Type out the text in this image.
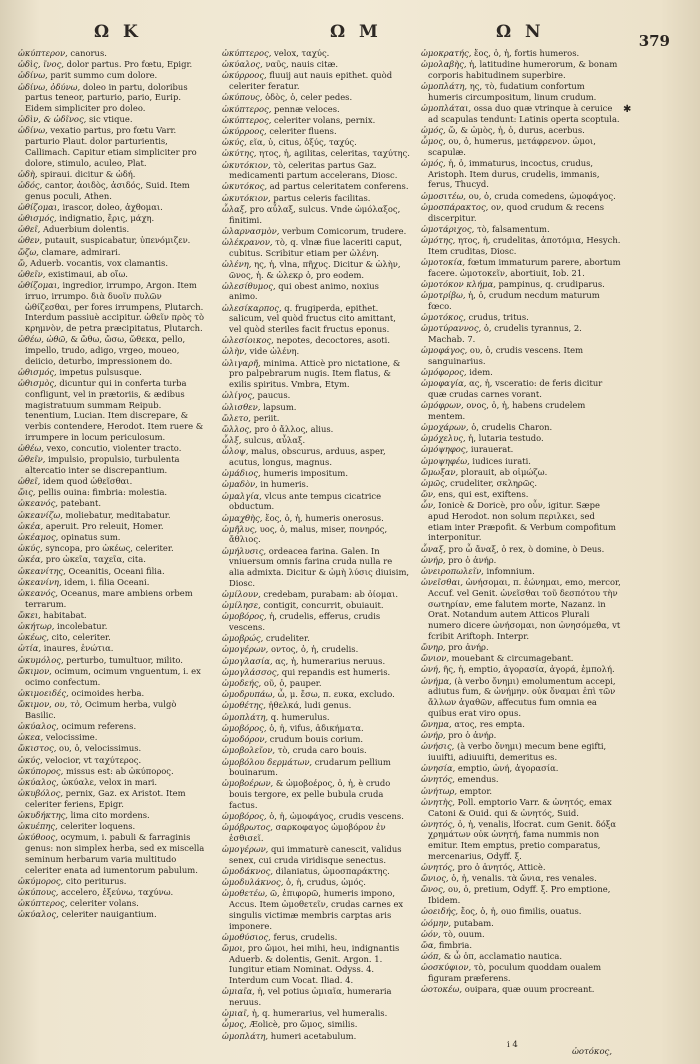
Ω Κ	Ω Μ	Ω Ν	379
✱
ὠκύπτερον, canorus.
ὠδὶς, ῖνος, dolor partus. Pro fœtu, Epigr.
ὠδίνω, parit summo cum dolore.
ὠδίνω, ὀδύνω, doleo in partu, doloribus partus teneor, parturio, pario, Eurip. Eidem simpliciter pro doleo.
ὠδὶν, & ὠδῖνος, sic vtique.
ὠδίνω, vexatio partus, pro fœtu Varr. parturio Plaut. dolor parturientis, Callimach. Capitur etiam simpliciter pro dolore, stimulo, aculeo, Plat.
ὠδὴ, spiraui. dicitur & ὠδή.
ὠδός, cantor, ἀοιδὸς, ἀσιδός, Suid. Item genus poculi, Athen.
ὠθίζομαι, irascor, doleo, ἀχθομαι.
ὠθισμός, indignatio, ἔρις, μάχη.
ὠθεῖ, Aduerbium dolentis.
ὠθεν, putauit, suspicabatur, ὑπενόμιζεν.
ὤζω, clamare, admirari.
ὤ, Aduerb. vocantis, vox clamantis.
ὠθεῖν, existimaui, ab οἴω.
ὠθίζομαι, ingredior, irrumpo, Argon. Item irruo, irrumpo. διὰ δυοῖν πυλῶν ὠθίζεσθαι, per fores irrumpens, Plutarch. Interdum passiuè accipitur. ὠθεῖν πρὸς τὸ κρημνὸν, de petra præcipitatus, Plutarch.
ὠθέω, ὠθῶ, & ὤθω, ὤσω, ὤθεκα, pello, impello, trudo, adigo, vrgeo, moueo, deiicio, deturbo, impressionem do.
ὠθισμός, impetus pulsusque.
ὠθισμὸς, dicuntur qui in conferta turba confligunt, vel in prætoriis, & ædibus magistratuum summam Reipub. tenentium, Lucian. Item discrepare, & verbis contendere, Herodot. Item ruere & irrumpere in locum periculosum.
ὠθέω, vexo, concutio, violenter tracto.
ὠθεῖν, impulsio, propulsio, turbulenta altercatio inter se discrepantium.
ὠθεῖ, idem quod ὠθεῖσθαι.
ὤις, pellis ouina: fimbria: molestia.
ὠκεανός, patebant.
ὠκεανίζω, moliebatur, meditabatur.
ὠκέα, aperuit. Pro releuit, Homer.
ὠκέαμος, opinatus sum.
ὠκύς, syncopa, pro ὠκέως, celeriter.
ὠκέα, pro ὠκεῖα, ταχεῖα, cita.
ὠκεανίτης, Oceanitis, Oceani filia.
ὠκεανίνη, idem, i. filia Oceani.
ὠκεανός, Oceanus, mare ambiens orbem terrarum.
ὤκει, habitabat.
ὠκήτωρ, incolebatur.
ὠκέως, cito, celeriter.
ὠτία, inaures, ἐνώτια.
ὠκυμόλος, perturbo, tumultuor, milito.
ὤκιμον, ocimum, ocimum vnguentum, i. ex ocimo confectum.
ὠκιμοειδές, ocimoides herba.
ὤκιμον, ου, τὸ, Ocimum herba, vulgò Basilic.
ὠκύαλος, ocimum referens.
ὠκεα, velocissime.
ὤκιστος, ου, ὁ, velocissimus.
ὠκύς, velocior, vt ταχύτερος.
ὠκύπορος, missus est: ab ὠκύπορος.
ὠκύαλος, ὠκύαλε, velox in mari.
ὠκυβόλος, pernix, Gaz. ex Aristot. Item celeriter feriens, Epigr.
ὠκυδήκτης, lima cito mordens.
ὠκυέπης, celeriter loquens.
ὠκύθοος, ocymum, i. pabuli & farraginis genus: non simplex herba, sed ex miscella seminum herbarum varia multitudo celeriter enata ad iumentorum pabulum.
ὠκύμορος, cito periturus.
ὠκύπους, accelero, ἐξεύνω, ταχύνω.
ὠκύπτερος, celeriter volans.
ὠκύαλος, celeriter nauigantium.
ὠκύπτερος, velox, ταχύς.
ὠκύαλος, ναῦς, nauis citæ.
ὠκύρροος, fluuij aut nauis epithet. quòd celeriter feratur.
ὠκύπους, ὀδὸς, ὁ, celer pedes.
ὠκύπτερος, pennæ veloces.
ὠκύπτερος, celeriter volans, pernix.
ὠκύρροος, celeriter fluens.
ὠκύς, εῖα, ὑ, citus, ὀξύς, ταχύς.
ὠκύτης, ητος, ἡ, agilitas, celeritas, ταχύτης.
ὠκυτόκιον, τὸ, celeritas partus Gaz. medicamenti partum accelerans, Diosc.
ὠκυτόκος, ad partus celeritatem conferens.
ὠκυτόκιον, partus celeris facilitas.
ὦλαξ, pro αὖλαξ, sulcus. Vnde ὠμόλαξος, finitimi.
ὠλαρνασμὸν, verbum Comicorum, trudere.
ὠλέκρανον, τὸ, q. vlnæ fiue laceriti caput, cubitus. Scribitur etiam per ὠλένη.
ὠλένη, ης, ἡ, vlna, πῆχυς. Dicitur & ὠλὴν, ῶνος, ἡ. & ὠλεκρ ὁ, pro eodem.
ὠλεσίθυμος, qui obest animo, noxius animo.
ὠλεσίκαρπος, q. frugiperda, epithet. salicum, vel quòd fructus cito amittant, vel quòd steriles facit fructus eponus.
ὠλεσίοικος, nepotes, decoctores, asoti.
ὠλὴν, vide ὠλένη.
ὠλιγαρῆ, minima. Atticè pro nictatione, & pro palpebrarum nugis. Item flatus, & exilis spiritus. Vmbra, Etym.
ὠλίγος, paucus.
ὠλισθεν, lapsum.
ὤλετο, periit.
ὤλλος, pro ὁ ἄλλος, alius.
ὦλξ, sulcus, αὖλαξ.
ὦλοψ, malus, obscurus, arduus, asper, acutus, longus, magnus.
ὠμάδιος, humeris impositum.
ὠμαδὸν, in humeris.
ὠμαλγία, vlcus ante tempus cicatrice obductum.
ὠμαχθὴς, ἔος, ὁ, ἡ, humeris onerosus.
ὠμῆλυς, υος, ὁ, malus, miser, πονηρός, ἄθλιος.
ὠμήλυσις, ordeacea farina. Galen. In vniuersum omnis farina cruda nulla re alia admixta. Dicitur & ὠμὴ λύσις diuisim, Diosc.
ὠμίλουν, credebam, purabam: ab ὀίομαι.
ὠμίλησε, contigit, concurrit, obuiauit.
ὠμοβόρος, ἡ, crudelis, efferus, crudis vescens.
ὠμοβρώς, crudeliter.
ὠμογέρων, οντος, ὁ, ἡ, crudelis.
ὠμογλασία, ας, ἡ, humerarius neruus.
ὠμογλάσσος, qui repandis est humeris.
ὠμοδεής, οῦ, ὁ, pauper.
ὠμοδρυπάω, ὦ, μ. ἔσω, π. ευκα, excludo.
ὠμοθέτης, ἠθελκά, ludi genus.
ὠμοπλάτη, q. humerulus.
ὠμοβόρος, ὁ, ἡ, vifus, ἀδικήματα.
ὠμοδόρον, crudum bouis corium.
ὠμοβολεῖον, τὸ, cruda caro bouis.
ὠμοβόλου δερμάτων, crudarum pellium bouinarum.
ὠμοβοέρων, & ὠμοβοέρος, ὁ, ἡ, è crudo bouis tergore, ex pelle bubula cruda factus.
ὠμοβόρος, ὁ, ἡ, ὠμοφάγος, crudis vescens.
ὠμόβρωτος, σαρκοφαγος ὠμοβόρον ἐν ἐσθισεῖ.
ὠμογέρων, qui immaturè canescit, validus senex, cui cruda viridisque senectus.
ὠμοδάκνος, dilaniatus, ὠμοσπαράκτης.
ὠμοδυλάκνος, ὁ, ἡ, crudus, ὠμός.
ὠμοθετέω, ῶ, ἐπιφορῶ, humeris impono, Accus. Item ὠμοθετεῖν, crudas carnes ex singulis victimæ membris carptas aris imponere.
ὠμοθύσιος, ferus, crudelis.
ὤμοι, pro ὤμοι, hei mihi, heu, indignantis Aduerb. & dolentis, Genit. Argon. 1. Iungitur etiam Nominat. Odyss. 4. Interdum cum Vocat. Iliad. 4.
ὠμιαῖα, ἡ, vel potius ὠμιαῖα, humeraria neruus.
ὠμιαῖ, ἡ, q. humerarius, vel humeralis.
ὦμος, Æolicè, pro ὤμος, similis.
ὠμοπλάτη, humeri acetabulum.
ὠμοκρατής, ἔος, ὁ, ἡ, fortis humeros.
ὠμολαβὴς, ἡ, latitudine humerorum, & bonam corporis habitudinem superbire.
ὠμοπλάτη, ης, τὸ, fudatium confortum humeris circumpositum, linum crudum.
ὠμοπλάται, ossa duo quæ vtrinque à ceruice ad scapulas tendunt: Latinis operta scoptula.
ὠμός, ὤ, & ὠμὸς, ἡ, ὁ, durus, acerbus.
ὦμος, ου, ὁ, humerus, μετάφρενον. ὠμοι, scapulæ.
ὠμός, ἡ, ὁ, immaturus, incoctus, crudus, Aristoph. Item durus, crudelis, immanis, ferus, Thucyd.
ὠμοσιτέω, ου, ὁ, cruda comedens, ὠμοφάγος.
ὠμοσπάρακτος, ον, quod crudum & recens discerpitur.
ὠμοτάριχος, τὸ, falsamentum.
ὠμότης, ητος, ἡ, crudelitas, ἀποτόμια, Hesych. Item cruditas, Diosc.
ὠμοτοκία, fœtum immaturum parere, abortum facere. ὠμοτοκεῖν, abortiuit, Iob. 21.
ὠμοτόκον κλήμα, pampinus, q. crudiparus.
ὠμοτρίβω, ἡ, ὁ, crudum necdum maturum fœco.
ὠμοτόκος, crudus, tritus.
ὠμοτύραννος, ὁ, crudelis tyrannus, 2. Machab. 7.
ὠμοφάγος, ου, ὁ, crudis vescens. Item sanguinarius.
ὠμόφορος, idem.
ὠμοφαγία, ας, ἡ, vsceratio: de feris dicitur quæ crudas carnes vorant.
ὠμόφρων, ονος, ὁ, ἡ, habens crudelem mentem.
ὠμοχάρων, ὁ, crudelis Charon.
ὠμόχελυς, ἡ, lutaria testudo.
ὠμόψηφος, iurauerat.
ὠμοψηφέω, iudices iurati.
ὤμωξαν, plorauit, ab οἰμώζω.
ὠμῶς, crudeliter, σκληρῶς.
ὤν, ens, qui est, exiftens.
ὦν, Ionicè & Doricè, pro οὖν, igitur. Sæpe apud Herodot. non solum περιλκει, sed etiam inter Præpofit. & Verbum compofitum interponitur.
ὦναξ, pro ὦ ἄναξ, ὁ rex, ò domine, ò Deus.
ὠνήρ, pro ὁ ἀνήρ.
ὠνειροπωλεῖν, infomnium.
ὠνεῖσθαι, ὠνήσομαι, π. ἐώνημαι, emo, mercor, Accuf. vel Genit. ὠνεῖσθαι τοῦ δεσπότου τὴν σωτηρίαν, eme falutem morte, Nazanz. in Orat. Notandum autem Atticos Plurali numero dicere ὠνήσομαι, non ὠνησόμεθα, vt fcribit Ariftoph. Interpr.
ὤνηρ, pro ἀνήρ.
ὤνιον, mouebant & circumagebant.
ὠνή, ῆς, ἡ, emptio, ἀγορασία, ἀγορά, ἐμπολή.
ὠνήμα, (à verbo ὄνημι) emolumentum accepi, adiutus fum, & ὠνήμην. οὐκ ὄναμαι ἐπὶ τῶν ἄλλων ἀγαθῶν, affecutus fum omnia ea quibus erat viro opus.
ὤνημα, ατος, res empta.
ὠνήρ, pro ὁ ἀνήρ.
ὠνήσις, (à verbo ὄνημι) mecum bene egifti, iuuifti, adiuuifti, demeritus es.
ὠνησία, emptio, ὠνή, ἀγορασία.
ὠνητός, emendus.
ὠνήτωρ, emptor.
ὠνητὴς, Poll. emptorio Varr. & ὠνητός, emax Catoni & Ouid. qui & ὠνητός, Suid.
ὠνητός, ὁ, ἡ, venalis, lfocrat. cum Genit. δόξα χρημάτων οὐκ ὠνητή, fama nummis non emitur. Item emptus, pretio comparatus, mercenarius, Odyff. ξ.
ὠνητός, pro ὁ ἀνητός, Atticè.
ὤνιος, ὁ, ἡ, venalis. τὰ ὤνια, res venales.
ὤνος, ου, ὁ, pretium, Odyff. ξ. Pro emptione, Ibidem.
ὠοειδής, ἔος, ὁ, ἡ, ouo fimilis, ouatus.
ὠόμην, putabam.
ὠόν, τὸ, ouum.
ὤα, fimbria.
ὠόπ, & ὦ ὀπ, acclamatio nautica.
ὠοσκύφιον, τὸ, poculum quoddam oualem figuram præferens.
ὠοτοκέω, ουipara, quæ ouum procreant.
i 4
ὠοτόκος,
